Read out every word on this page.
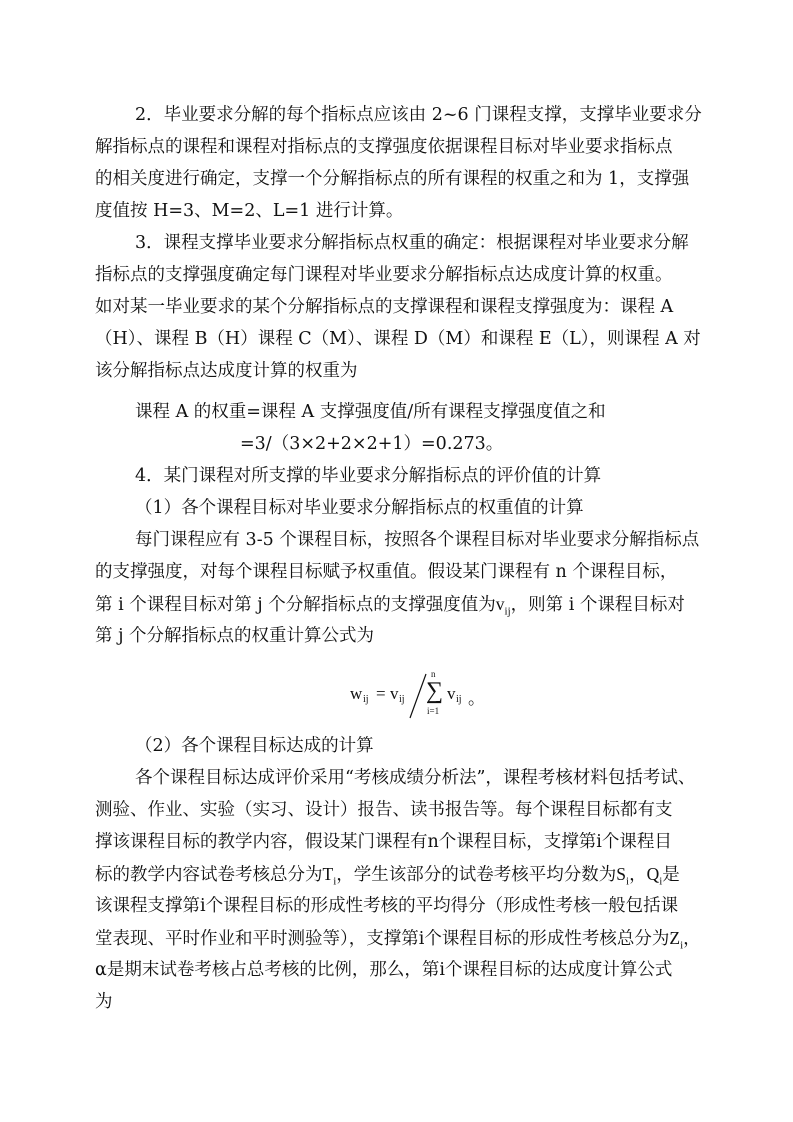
2．毕业要求分解的每个指标点应该由 2~6 门课程支撑，支撑毕业要求分
解指标点的课程和课程对指标点的支撑强度依据课程目标对毕业要求指标点
的相关度进行确定，支撑一个分解指标点的所有课程的权重之和为 1，支撑强
度值按 H=3、M=2、L=1 进行计算。
3．课程支撑毕业要求分解指标点权重的确定：根据课程对毕业要求分解
指标点的支撑强度确定每门课程对毕业要求分解指标点达成度计算的权重。
如对某一毕业要求的某个分解指标点的支撑课程和课程支撑强度为：课程 A
（H）、课程 B（H）课程 C（M）、课程 D（M）和课程 E（L），则课程 A 对
该分解指标点达成度计算的权重为
课程 A 的权重=课程 A 支撑强度值/所有课程支撑强度值之和
=3/（3×2+2×2+1）=0.273。
4．某门课程对所支撑的毕业要求分解指标点的评价值的计算
（1）各个课程目标对毕业要求分解指标点的权重值的计算
每门课程应有 3-5 个课程目标，按照各个课程目标对毕业要求分解指标点
的支撑强度，对每个课程目标赋予权重值。假设某门课程有 n 个课程目标，
第 i 个课程目标对第 j 个分解指标点的支撑强度值为$v_{ij}$，则第 i 个课程目标对
第 j 个分解指标点的权重计算公式为
w ij = v ij
n
∑
i=1
v ij 。
（2）各个课程目标达成的计算
各个课程目标达成评价采用“考核成绩分析法”，课程考核材料包括考试、
测验、作业、实验（实习、设计）报告、读书报告等。每个课程目标都有支
撑该课程目标的教学内容，假设某门课程有n个课程目标，支撑第i个课程目
标的教学内容试卷考核总分为$T_i$，学生该部分的试卷考核平均分数为$S_i$，$Q_i$是
该课程支撑第i个课程目标的形成性考核的平均得分（形成性考核一般包括课
堂表现、平时作业和平时测验等），支撑第i个课程目标的形成性考核总分为$Z_i$，
α是期末试卷考核占总考核的比例，那么，第i个课程目标的达成度计算公式
为
